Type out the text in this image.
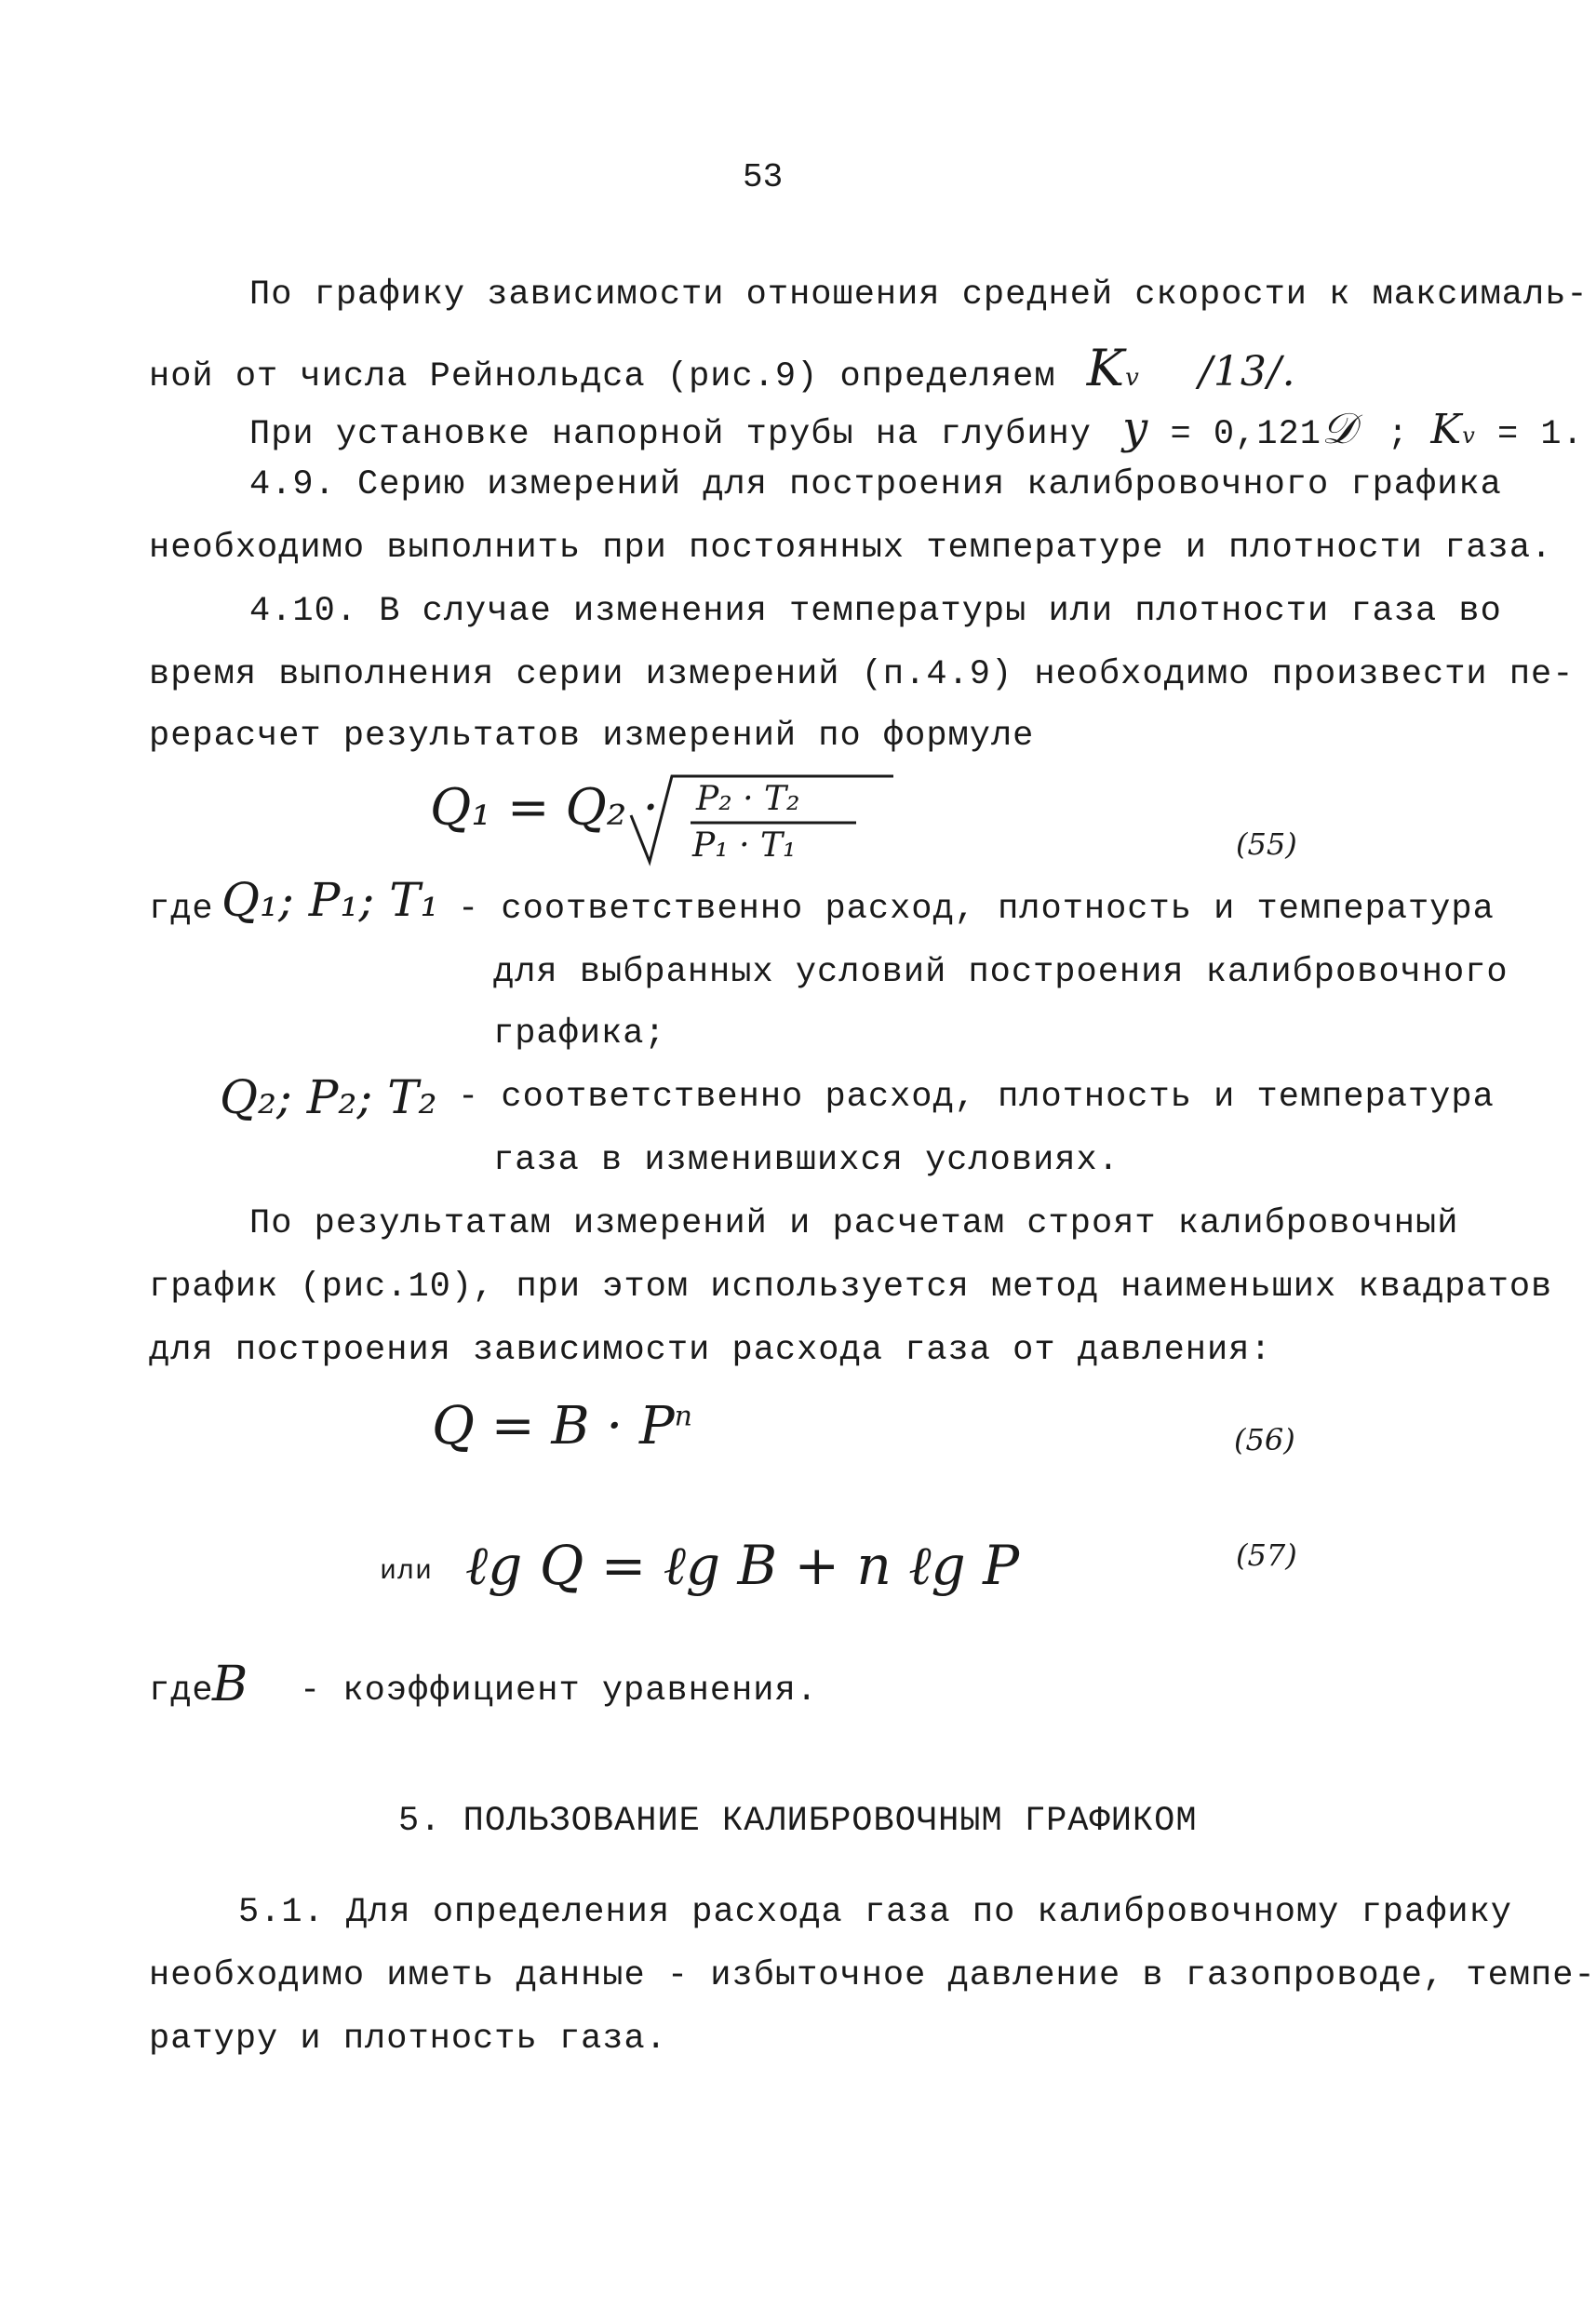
53
По графику зависимости отношения средней скорости к максималь-
ной от числа Рейнольдса (рис.9) определяем Kv /13/.
При установке напорной трубы на глубину y = 0,121𝒟 ; Kv = 1.
4.9. Серию измерений для построения калибровочного графика
необходимо выполнить при постоянных температуре и плотности газа.
4.10. В случае изменения температуры или плотности газа во
время выполнения серии измерений (п.4.9) необходимо произвести пе-
рерасчет результатов измерений по формуле
Q₁ = Q₂ · P₂ · T₂
P₁ · T₁	(55)
где Q₁; P₁; T₁ - соответственно расход, плотность и температура
для выбранных условий построения калибровочного
графика;
Q₂; P₂; T₂ - соответственно расход, плотность и температура
газа в изменившихся условиях.
По результатам измерений и расчетам строят калибровочный
график (рис.10), при этом используется метод наименьших квадратов
для построения зависимости расхода газа от давления:
$Q = B \cdot P^n$
(56)
или ℓg Q = ℓg B + n ℓg P	(57)
где
B - коэффициент уравнения.
5. ПОЛЬЗОВАНИЕ КАЛИБРОВОЧНЫМ ГРАФИКОМ
5.1. Для определения расхода газа по калибровочному графику
необходимо иметь данные - избыточное давление в газопроводе, темпе-
ратуру и плотность газа.
